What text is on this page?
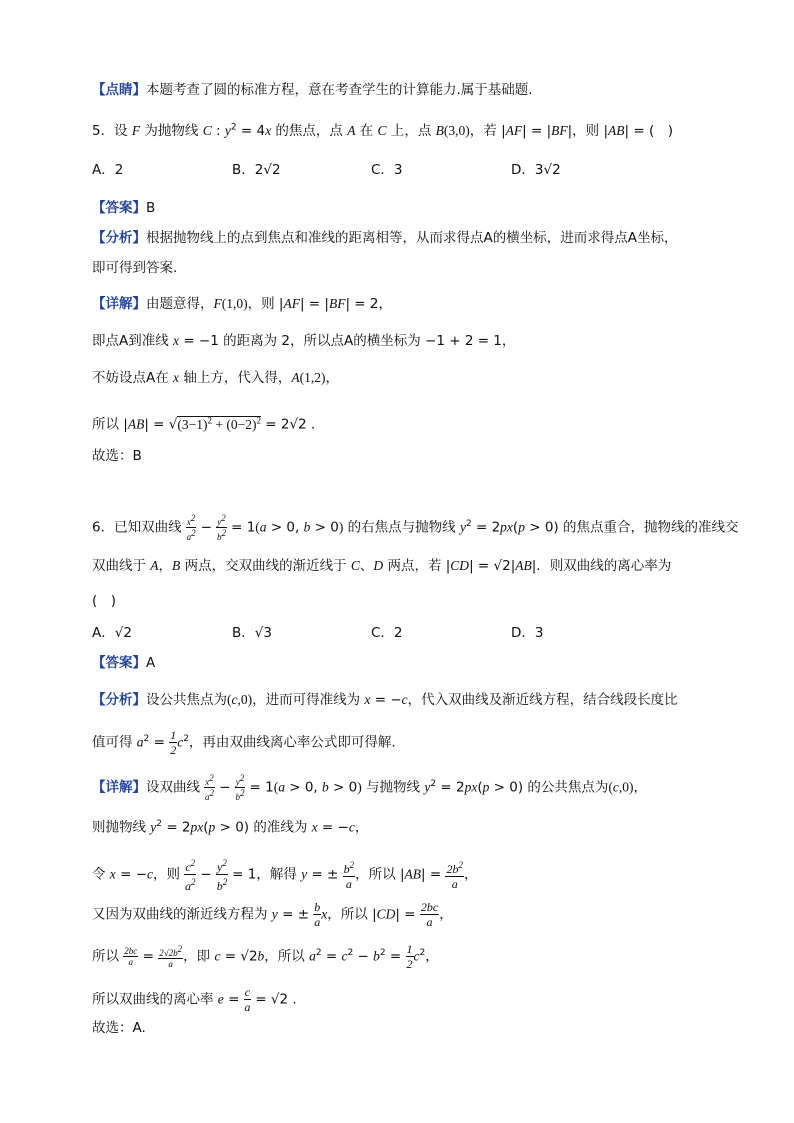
【点睛】本题考查了圆的标准方程，意在考查学生的计算能力.属于基础题.
5．设 F 为抛物线 C : $y^2 = 4x$ 的焦点，点 A 在 C 上，点 B(3,0)，若 |AF| = |BF|，则 |AB| = (　)
A．2	B．2√2	C．3	D．3√2
【答案】B
【分析】根据抛物线上的点到焦点和准线的距离相等，从而求得点A的横坐标，进而求得点A坐标，
即可得到答案.
【详解】由题意得，F(1,0)，则 |AF| = |BF| = 2，
即点A到准线 x = −1 的距离为 2，所以点A的横坐标为 −1 + 2 = 1，
不妨设点A在 x 轴上方，代入得，A(1,2)，
所以 $|AB| = √(3-1)^2 + (0-2)^2 = 2√2$ .
故选：B
6．已知双曲线 $\frac{x^2}{a^2} - \frac{y^2}{b^2} = 1(a > 0$, b > 0) 的右焦点与抛物线 $y^2 = 2px(p > 0)$ 的焦点重合，抛物线的准线交
双曲线于 A，B 两点，交双曲线的渐近线于 C、D 两点，若 |CD| = √2|AB|．则双曲线的离心率为
(　)
A．√2	B．√3	C．2	D．3
【答案】A
【分析】设公共焦点为(c,0)，进而可得准线为 x = −c，代入双曲线及渐近线方程，结合线段长度比
值可得 $a^2 = \frac{1}{2} c^2$，再由双曲线离心率公式即可得解.
【详解】设双曲线 $\frac{x^2}{a^2} - \frac{y^2}{b^2} = 1(a > 0$, b > 0) 与抛物线 $y^2 = 2px(p > 0)$ 的公共焦点为(c,0)，
则抛物线 $y^2 = 2px(p > 0)$ 的准线为 x = −c，
令 x = −c，则 $\frac{c^2}{a^2} - \frac{y^2}{b^2} = 1$，解得 y = ± $\frac{b^2}{a}$ ，所以 $|AB| = \frac{2b^2}{a}$ ，
又因为双曲线的渐近线方程为 y = ± $\frac{b}{a}$ x，所以 $|CD| = \frac{2bc}{a}$ ，
所以 $\frac{2bc}{a} = \frac{2√2b^2}{a}$ ，即 c = √2b，所以 $a^2 = c^2 - b^2 = \frac{1}{2} c^2$，
所以双曲线的离心率 $e = \frac{c}{a} = √2$ .
故选：A.
